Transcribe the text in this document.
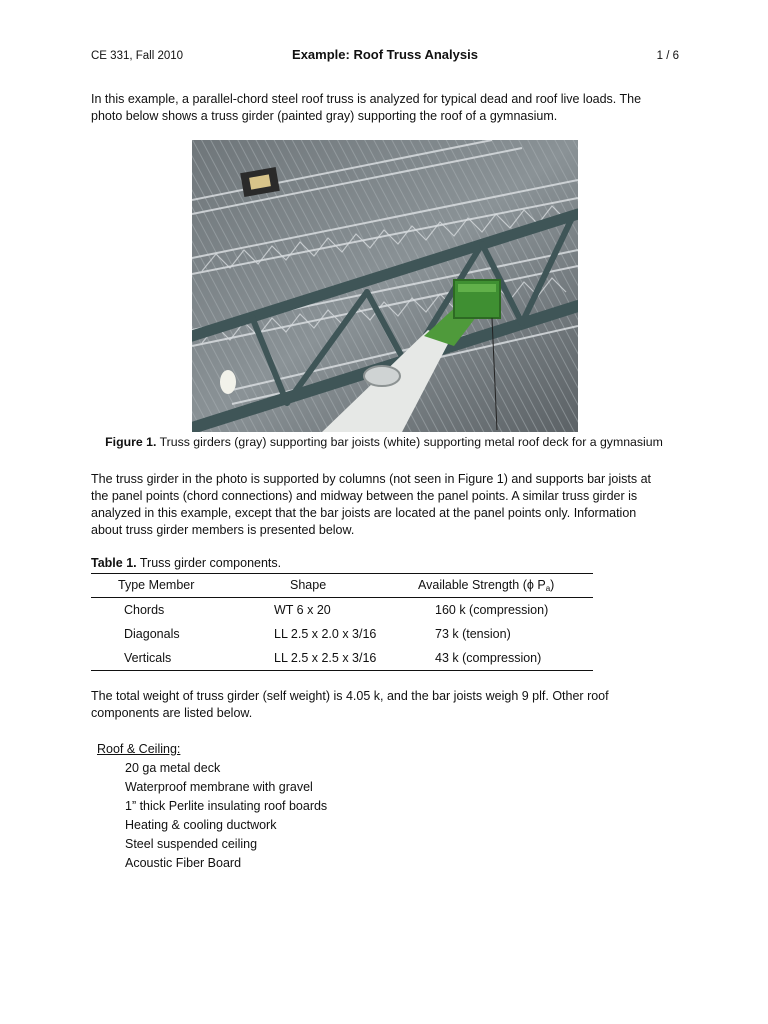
CE 331, Fall 2010	Example: Roof Truss Analysis	1 / 6

In this example, a parallel-chord steel roof truss is analyzed for typical dead and roof live loads. The photo below shows a truss girder (painted gray) supporting the roof of a gymnasium.

Figure 1. Truss girders (gray) supporting bar joists (white) supporting metal roof deck for a gymnasium

The truss girder in the photo is supported by columns (not seen in Figure 1) and supports bar joists at the panel points (chord connections) and midway between the panel points. A similar truss girder is analyzed in this example, except that the bar joists are located at the panel points only. Information about truss girder members is presented below.

Table 1. Truss girder components.
Type Member	Shape	Available Strength (ϕ $P_a$)
Chords	WT 6 x 20	160 k (compression)
Diagonals	LL 2.5 x 2.0 x 3/16	73 k (tension)
Verticals	LL 2.5 x 2.5 x 3/16	43 k (compression)

The total weight of truss girder (self weight) is 4.05 k, and the bar joists weigh 9 plf. Other roof components are listed below.

Roof & Ceiling:
20 ga metal deck
Waterproof membrane with gravel
1” thick Perlite insulating roof boards
Heating & cooling ductwork
Steel suspended ceiling
Acoustic Fiber Board
